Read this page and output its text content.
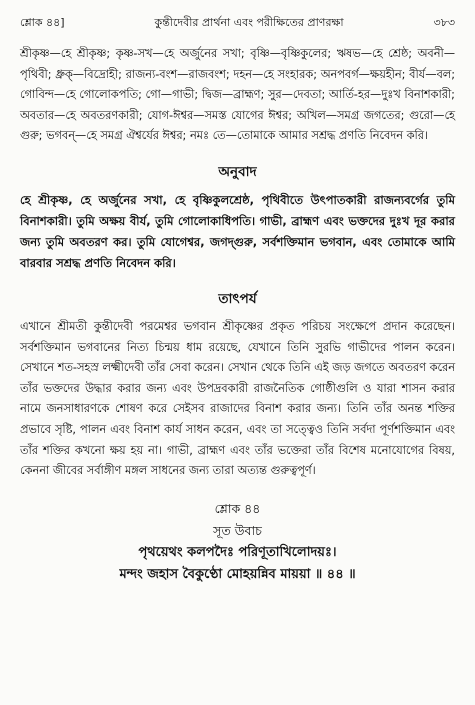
শ্লোক ৪৪]	কুন্তীদেবীর প্রার্থনা এবং পরীক্ষিতের প্রাণরক্ষা	৩৮৩

শ্রীকৃষ্ণ—হে শ্রীকৃষ্ণ; কৃষ্ণ-সখ—হে অর্জুনের সখা; বৃষ্ণি—বৃষ্ণিকুলের; ঋষভ—হে শ্রেষ্ঠ; অবনী—পৃথিবী; ধ্রুক্—বিদ্রোহী; রাজন্য-বংশ—রাজবংশ; দহন—হে সংহারক; অনপবর্গ—ক্ষয়হীন; বীর্য—বল; গোবিন্দ—হে গোলোকপতি; গো—গাভী; দ্বিজ—ব্রাহ্মণ; সুর—দেবতা; আর্তি-হর—দুঃখ বিনাশকারী; অবতার—হে অবতরণকারী; যোগ-ঈশ্বর—সমস্ত যোগের ঈশ্বর; অখিল—সমগ্র জগতের; গুরো—হে গুরু; ভগবন্—হে সমগ্র ঐশ্বর্যের ঈশ্বর; নমঃ তে—তোমাকে আমার সশ্রদ্ধ প্রণতি নিবেদন করি।

অনুবাদ

হে শ্রীকৃষ্ণ, হে অর্জুনের সখা, হে বৃষ্ণিকুলশ্রেষ্ঠ, পৃথিবীতে উৎপাতকারী রাজন্যবর্গের তুমি বিনাশকারী। তুমি অক্ষয় বীর্য, তুমি গোলোকাধিপতি। গাভী, ব্রাহ্মণ এবং ভক্তদের দুঃখ দূর করার জন্য তুমি অবতরণ কর। তুমি যোগেশ্বর, জগদ্গুরু, সর্বশক্তিমান ভগবান, এবং তোমাকে আমি বারবার সশ্রদ্ধ প্রণতি নিবেদন করি।

তাৎপর্য

এখানে শ্রীমতী কুন্তীদেবী পরমেশ্বর ভগবান শ্রীকৃষ্ণের প্রকৃত পরিচয় সংক্ষেপে প্রদান করেছেন। সর্বশক্তিমান ভগবানের নিত্য চিন্ময় ধাম রয়েছে, যেখানে তিনি সুরভি গাভীদের পালন করেন। সেখানে শত-সহস্র লক্ষ্মীদেবী তাঁর সেবা করেন। সেখান থেকে তিনি এই জড় জগতে অবতরণ করেন তাঁর ভক্তদের উদ্ধার করার জন্য এবং উপদ্রবকারী রাজনৈতিক গোষ্ঠীগুলি ও যারা শাসন করার নামে জনসাধারণকে শোষণ করে সেইসব রাজাদের বিনাশ করার জন্য। তিনি তাঁর অনন্ত শক্তির প্রভাবে সৃষ্টি, পালন এবং বিনাশ কার্য সাধন করেন, এবং তা সত্ত্বেও তিনি সর্বদা পূর্ণশক্তিমান এবং তাঁর শক্তির কখনো ক্ষয় হয় না। গাভী, ব্রাহ্মণ এবং তাঁর ভক্তেরা তাঁর বিশেষ মনোযোগের বিষয়, কেননা জীবের সর্বাঙ্গীণ মঙ্গল সাধনের জন্য তারা অত্যন্ত গুরুত্বপূর্ণ।

শ্লোক ৪৪
সূত উবাচ
পৃথয়েথং কলপদৈঃ পরিণূতাখিলোদয়ঃ।
মন্দং জহাস বৈকুণ্ঠো মোহয়ন্নিব মায়য়া ॥ ৪৪ ॥
